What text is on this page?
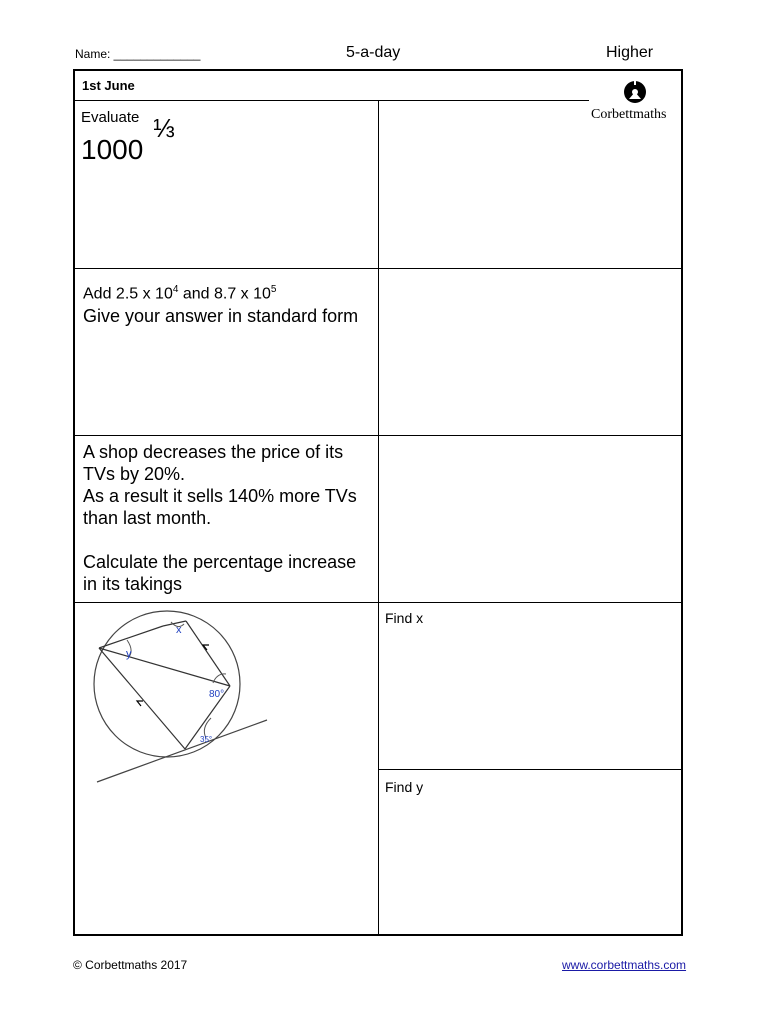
Name: _____________	5-a-day	Higher
1st June
Corbettmaths
Evaluate
1000
⅓
Add 2.5 x $10^4$ and 8.7 x $10^5$
Give your answer in standard form
A shop decreases the price of its TVs by 20%.
As a result it sells 140% more TVs than last month.
Calculate the percentage increase in its takings
x
y
80°
35°
Find x
Find y
© Corbettmaths 2017	www.corbettmaths.com
